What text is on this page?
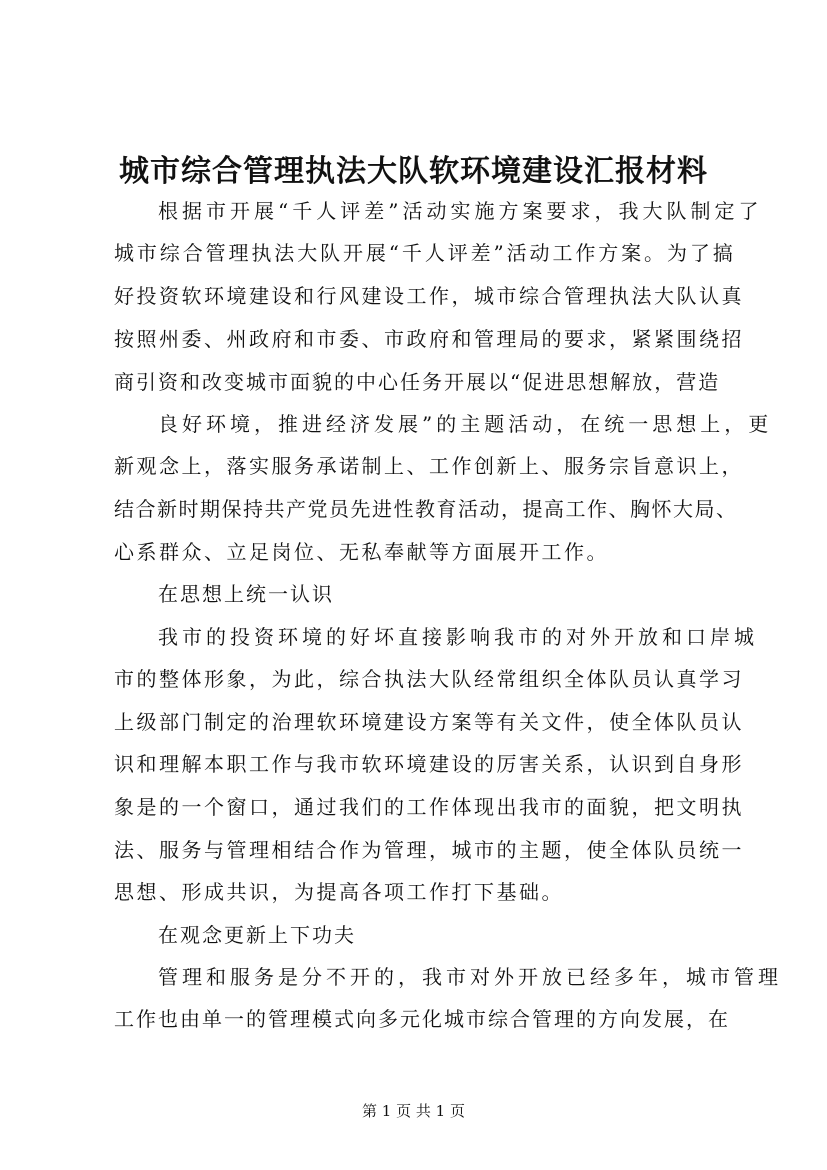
城市综合管理执法大队软环境建设汇报材料
根据市开展“千人评差”活动实施方案要求，我大队制定了
城市综合管理执法大队开展“千人评差”活动工作方案。为了搞
好投资软环境建设和行风建设工作，城市综合管理执法大队认真
按照州委、州政府和市委、市政府和管理局的要求，紧紧围绕招
商引资和改变城市面貌的中心任务开展以“促进思想解放，营造
良好环境，推进经济发展”的主题活动，在统一思想上，更
新观念上，落实服务承诺制上、工作创新上、服务宗旨意识上，
结合新时期保持共产党员先进性教育活动，提高工作、胸怀大局、
心系群众、立足岗位、无私奉献等方面展开工作。
在思想上统一认识
我市的投资环境的好坏直接影响我市的对外开放和口岸城
市的整体形象，为此，综合执法大队经常组织全体队员认真学习
上级部门制定的治理软环境建设方案等有关文件，使全体队员认
识和理解本职工作与我市软环境建设的厉害关系，认识到自身形
象是的一个窗口，通过我们的工作体现出我市的面貌，把文明执
法、服务与管理相结合作为管理，城市的主题，使全体队员统一
思想、形成共识，为提高各项工作打下基础。
在观念更新上下功夫
管理和服务是分不开的，我市对外开放已经多年，城市管理
工作也由单一的管理模式向多元化城市综合管理的方向发展，在
第 1 页 共 1 页
